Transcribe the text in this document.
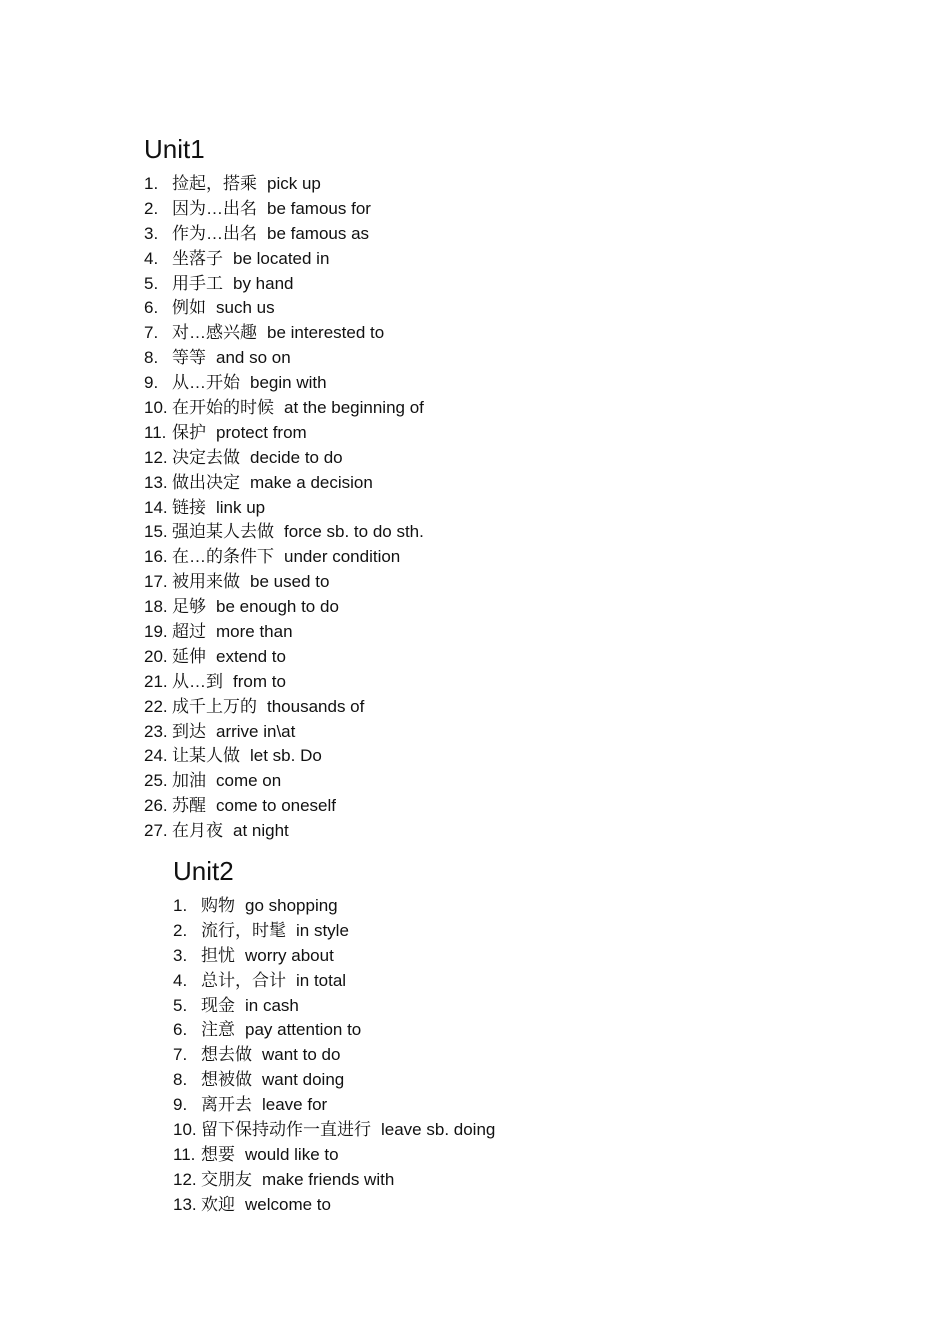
Unit1
1. 捡起，搭乘 pick up
2. 因为…出名 be famous for
3. 作为…出名 be famous as
4. 坐落子 be located in
5. 用手工 by hand
6. 例如 such us
7. 对…感兴趣 be interested to
8. 等等 and so on
9. 从…开始 begin with
10. 在开始的时候 at the beginning of
11. 保护 protect from
12. 决定去做 decide to do
13. 做出决定 make a decision
14. 链接 link up
15. 强迫某人去做 force sb. to do sth.
16. 在…的条件下 under condition
17. 被用来做 be used to
18. 足够 be enough to do
19. 超过 more than
20. 延伸 extend to
21. 从…到 from to
22. 成千上万的 thousands of
23. 到达 arrive in\at
24. 让某人做 let sb. Do
25. 加油 come on
26. 苏醒 come to oneself
27. 在月夜 at night
Unit2
1. 购物 go shopping
2. 流行，时髦 in style
3. 担忧 worry about
4. 总计，合计 in total
5. 现金 in cash
6. 注意 pay attention to
7. 想去做 want to do
8. 想被做 want doing
9. 离开去 leave for
10. 留下保持动作一直进行 leave sb. doing
11. 想要 would like to
12. 交朋友 make friends with
13. 欢迎 welcome to
